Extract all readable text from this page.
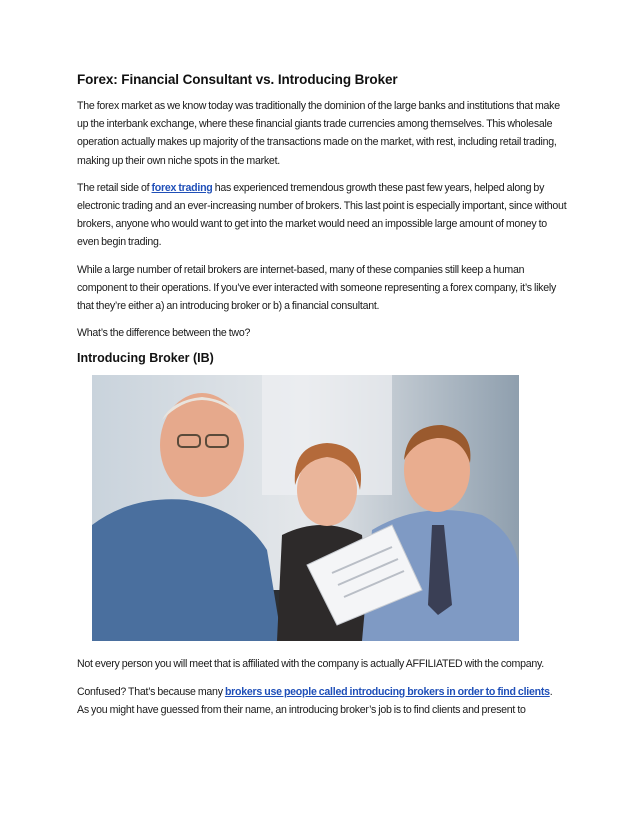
Forex: Financial Consultant vs. Introducing Broker

The forex market as we know today was traditionally the dominion of the large banks and institutions that make up the interbank exchange, where these financial giants trade currencies among themselves. This wholesale operation actually makes up majority of the transactions made on the market, with rest, including retail trading, making up their own niche spots in the market.

The retail side of forex trading has experienced tremendous growth these past few years, helped along by electronic trading and an ever-increasing number of brokers. This last point is especially important, since without brokers, anyone who would want to get into the market would need an impossible large amount of money to even begin trading.

While a large number of retail brokers are internet-based, many of these companies still keep a human component to their operations. If you’ve ever interacted with someone representing a forex company, it’s likely that they’re either a) an introducing broker or b) a financial consultant.

What’s the difference between the two?

Introducing Broker (IB)

Not every person you will meet that is affiliated with the company is actually AFFILIATED with the company.

Confused? That’s because many brokers use people called introducing brokers in order to find clients.
As you might have guessed from their name, an introducing broker’s job is to find clients and present to
